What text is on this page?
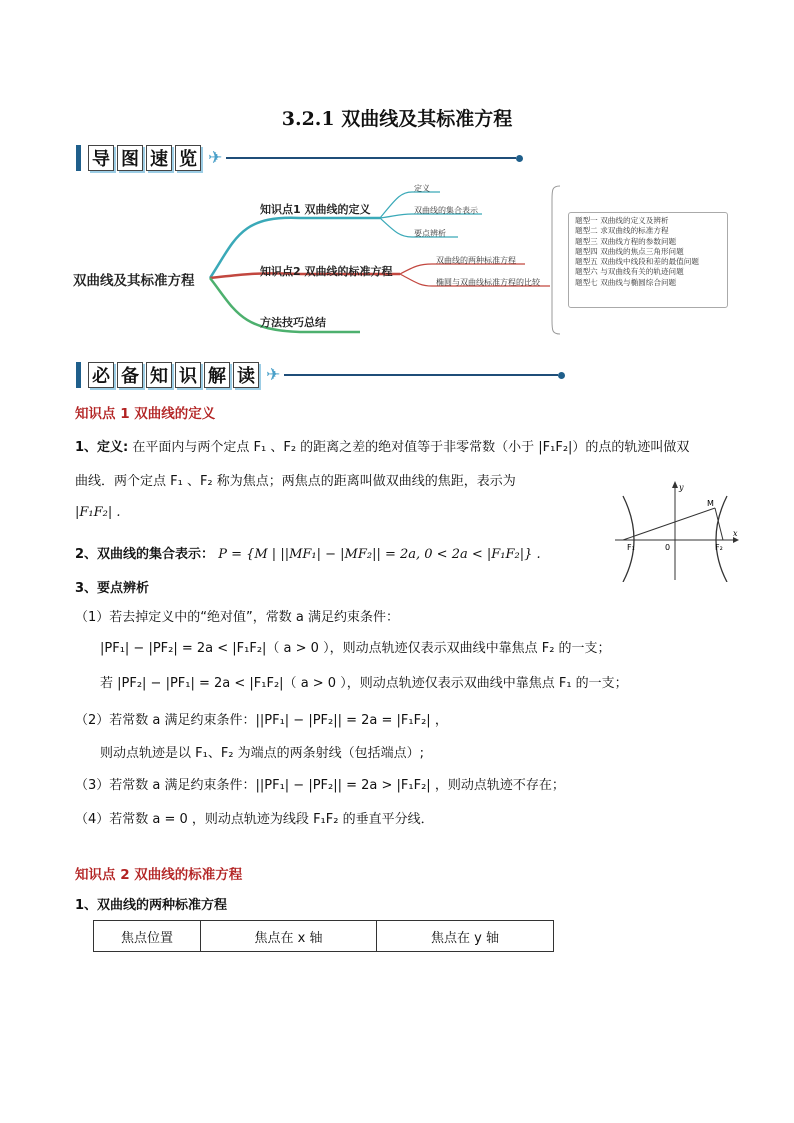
3.2.1 双曲线及其标准方程
导 图 速 览 ✈
双曲线及其标准方程
知识点1 双曲线的定义
知识点2 双曲线的标准方程
方法技巧总结
定义
双曲线的集合表示
要点辨析
双曲线的两种标准方程
椭圆与双曲线标准方程的比较
题型一 双曲线的定义及辨析
题型二 求双曲线的标准方程
题型三 双曲线方程的参数问题
题型四 双曲线的焦点三角形问题
题型五 双曲线中线段和差的最值问题
题型六 与双曲线有关的轨迹问题
题型七 双曲线与椭圆综合问题
必 备 知 识 解 读 ✈
知识点 1 双曲线的定义
1、定义: 在平面内与两个定点 F₁ 、F₂ 的距离之差的绝对值等于非零常数（小于 |F₁F₂|）的点的轨迹叫做双
曲线．两个定点 F₁ 、F₂ 称为焦点；两焦点的距离叫做双曲线的焦距，表示为
|F₁F₂| .
2、双曲线的集合表示： P = {M | ||MF₁| − |MF₂|| = 2a, 0 < 2a < |F₁F₂|} .
3、要点辨析
（1）若去掉定义中的“绝对值”，常数 a 满足约束条件：
|PF₁| − |PF₂| = 2a < |F₁F₂|（ a > 0 ），则动点轨迹仅表示双曲线中靠焦点 F₂ 的一支；
若 |PF₂| − |PF₁| = 2a < |F₁F₂|（ a > 0 ），则动点轨迹仅表示双曲线中靠焦点 F₁ 的一支；
（2）若常数 a 满足约束条件：||PF₁| − |PF₂|| = 2a = |F₁F₂| ，
则动点轨迹是以 F₁、F₂ 为端点的两条射线（包括端点）;
（3）若常数 a 满足约束条件：||PF₁| − |PF₂|| = 2a > |F₁F₂| ，则动点轨迹不存在；
（4）若常数 a = 0 ，则动点轨迹为线段 F₁F₂ 的垂直平分线．
y
x
M
F₁	0	F₂
知识点 2 双曲线的标准方程
1、双曲线的两种标准方程
焦点位置	焦点在 x 轴	焦点在 y 轴
